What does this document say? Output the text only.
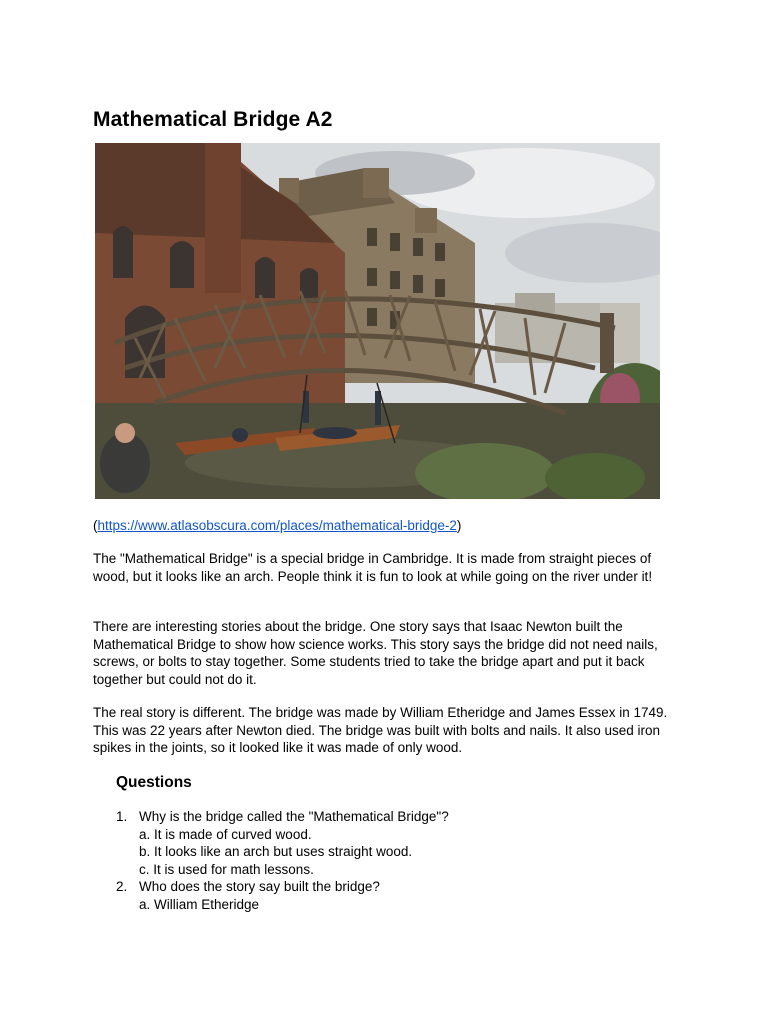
Mathematical Bridge A2
(https://www.atlasobscura.com/places/mathematical-bridge-2)

The "Mathematical Bridge" is a special bridge in Cambridge. It is made from straight pieces of wood, but it looks like an arch. People think it is fun to look at while going on the river under it!

There are interesting stories about the bridge. One story says that Isaac Newton built the Mathematical Bridge to show how science works. This story says the bridge did not need nails, screws, or bolts to stay together. Some students tried to take the bridge apart and put it back together but could not do it.

The real story is different. The bridge was made by William Etheridge and James Essex in 1749. This was 22 years after Newton died. The bridge was built with bolts and nails. It also used iron spikes in the joints, so it looked like it was made of only wood.

Questions
1. Why is the bridge called the "Mathematical Bridge"?
a. It is made of curved wood.
b. It looks like an arch but uses straight wood.
c. It is used for math lessons.
2. Who does the story say built the bridge?
a. William Etheridge
